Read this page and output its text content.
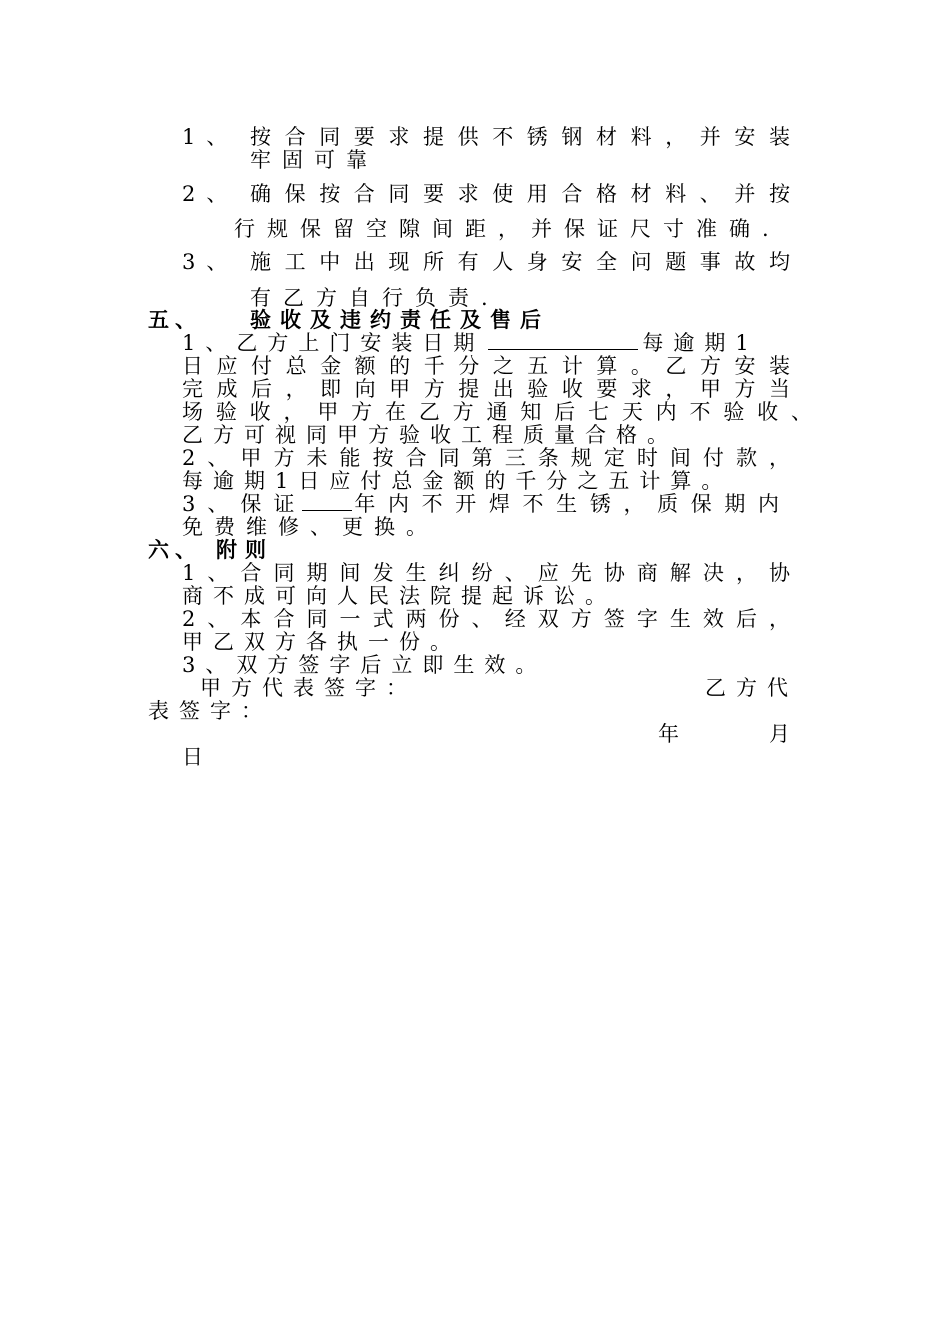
1、 按合同要求提供不锈钢材料，并安装
牢固可靠
2、 确保按合同要求使用合格材料、并按
行规保留空隙间距，并保证尺寸准确.
3、 施工中出现所有人身安全问题事故均
有乙方自行负责.
五、 验收及违约责任及售后
1、乙方上门安装日期	每逾期1
日应付总金额的千分之五计算。乙方安装
完成后，即向甲方提出验收要求，甲方当
场验收，甲方在乙方通知后七天内不验收、
乙方可视同甲方验收工程质量合格。
2、甲方未能按合同第三条规定时间付款，
每逾期1日应付总金额的千分之五计算。
3、保证 年内不开焊不生锈，质保期内
免费维修、更换。
六、 附则
1、合同期间发生纠纷、应先协商解决，协
商不成可向人民法院提起诉讼。
2、本合同一式两份、经双方签字生效后，
甲乙双方各执一份。
3、双方签字后立即生效。
甲方代表签字：	乙方代
表签字：
年	月
日
